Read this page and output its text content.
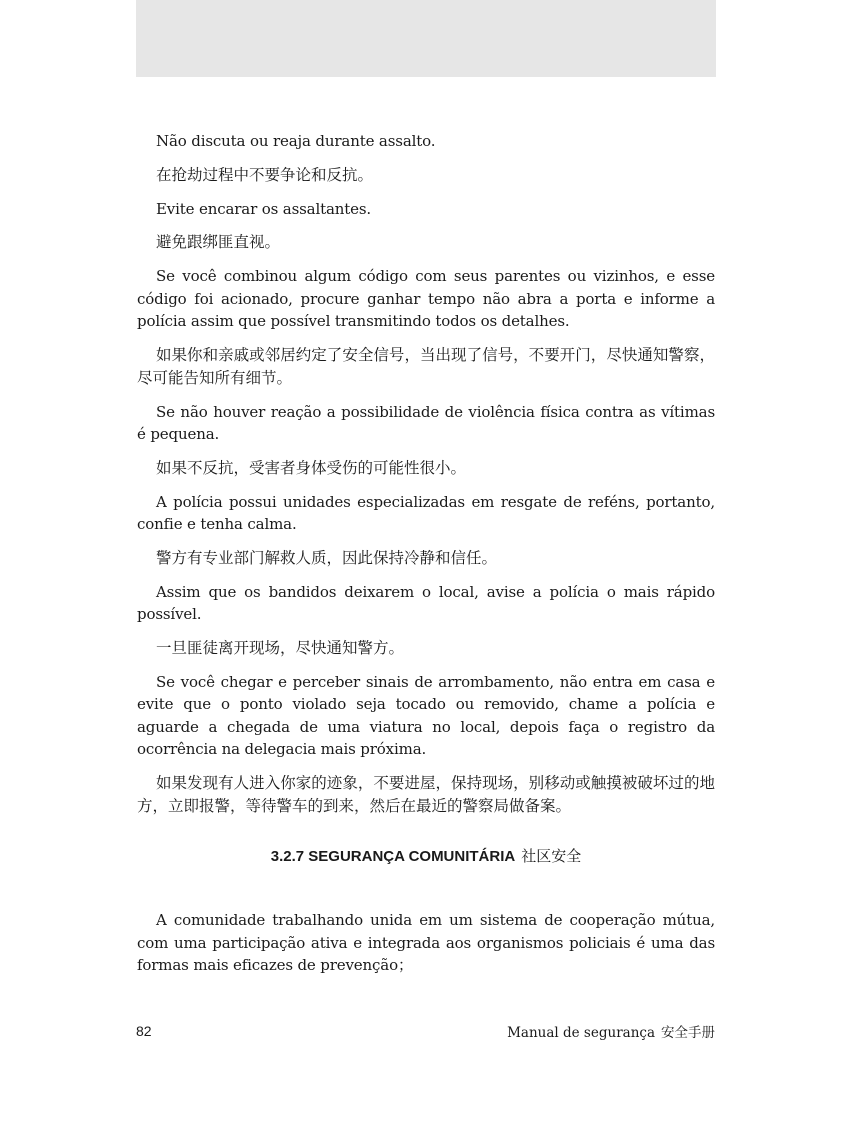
Não discuta ou reaja durante assalto.

在抢劫过程中不要争论和反抗。

Evite encarar os assaltantes.

避免跟绑匪直视。

Se você combinou algum código com seus parentes ou vizinhos, e esse código foi acionado, procure ganhar tempo não abra a porta e informe a polícia assim que possível transmitindo todos os detalhes.

如果你和亲戚或邻居约定了安全信号，当出现了信号，不要开门，尽快通知警察，尽可能告知所有细节。

Se não houver reação a possibilidade de violência física contra as vítimas é pequena.

如果不反抗，受害者身体受伤的可能性很小。

A polícia possui unidades especializadas em resgate de reféns, portanto, confie e tenha calma.

警方有专业部门解救人质，因此保持冷静和信任。

Assim que os bandidos deixarem o local, avise a polícia o mais rápido possível.

一旦匪徒离开现场，尽快通知警方。

Se você chegar e perceber sinais de arrombamento, não entra em casa e evite que o ponto violado seja tocado ou removido, chame a polícia e aguarde a chegada de uma viatura no local, depois faça o registro da ocorrência na delegacia mais próxima.

如果发现有人进入你家的迹象，不要进屋，保持现场，别移动或触摸被破坏过的地方，立即报警，等待警车的到来，然后在最近的警察局做备案。

3.2.7 SEGURANÇA COMUNITÁRIA 社区安全

A comunidade trabalhando unida em um sistema de cooperação mútua, com uma participação ativa e integrada aos organismos policiais é uma das formas mais eficazes de prevenção；

82	Manual de segurança 安全手册
